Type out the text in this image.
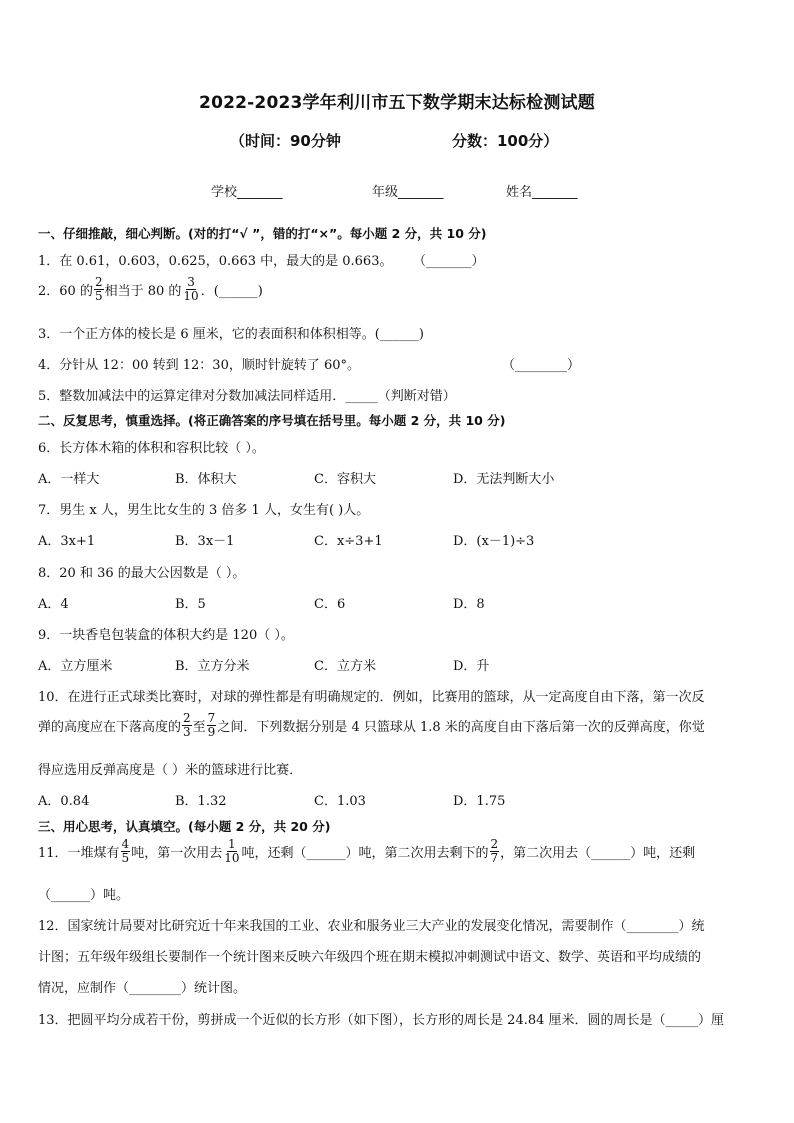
2022-2023学年利川市五下数学期末达标检测试题
（时间：90分钟	分数：100分）
学校_______	年级_______	姓名_______
一、仔细推敲，细心判断。(对的打“√ ”，错的打“×”。每小题 2 分，共 10 分)
1．在 0.61，0.603，0.625，0.663 中，最大的是 0.663。 （_______）
2．60 的 $\frac{2}{5}$ 相当于 80 的 $\frac{3}{10}$ ．(______)
3．一个正方体的棱长是 6 厘米，它的表面积和体积相等。(______)
4．分针从 12：00 转到 12：30，顺时针旋转了 60°。	（________）
5．整数加减法中的运算定律对分数加减法同样适用．_____（判断对错）
二、反复思考，慎重选择。(将正确答案的序号填在括号里。每小题 2 分，共 10 分)
6．长方体木箱的体积和容积比较（ ）。
A．一样大	B．体积大	C．容积大	D．无法判断大小
7．男生 x 人，男生比女生的 3 倍多 1 人，女生有( )人。
A．3x+1	B．3x－1	C．x÷3+1	D．(x－1)÷3
8．20 和 36 的最大公因数是（ ）。
A．4	B．5	C．6	D．8
9．一块香皂包装盒的体积大约是 120（ ）。
A．立方厘米	B．立方分米	C．立方米	D．升
10．在进行正式球类比赛时，对球的弹性都是有明确规定的．例如，比赛用的篮球，从一定高度自由下落，第一次反
弹的高度应在下落高度的 $\frac{2}{3}$ 至 $\frac{7}{9}$ 之间．下列数据分别是 4 只篮球从 1.8 米的高度自由下落后第一次的反弹高度，你觉
得应选用反弹高度是（ ）米的篮球进行比赛．
A．0.84	B．1.32	C．1.03	D．1.75
三、用心思考，认真填空。(每小题 2 分，共 20 分)
11．一堆煤有 $\frac{4}{5}$ 吨，第一次用去 $\frac{1}{10}$ 吨，还剩（______）吨，第二次用去剩下的 $\frac{2}{7}$ ，第二次用去（______）吨，还剩
（______）吨。
12．国家统计局要对比研究近十年来我国的工业、农业和服务业三大产业的发展变化情况，需要制作（________）统
计图；五年级年级组长要制作一个统计图来反映六年级四个班在期末模拟冲刺测试中语文、数学、英语和平均成绩的
情况，应制作（________）统计图。
13．把圆平均分成若干份，剪拼成一个近似的长方形（如下图），长方形的周长是 24.84 厘米．圆的周长是（_____）厘
